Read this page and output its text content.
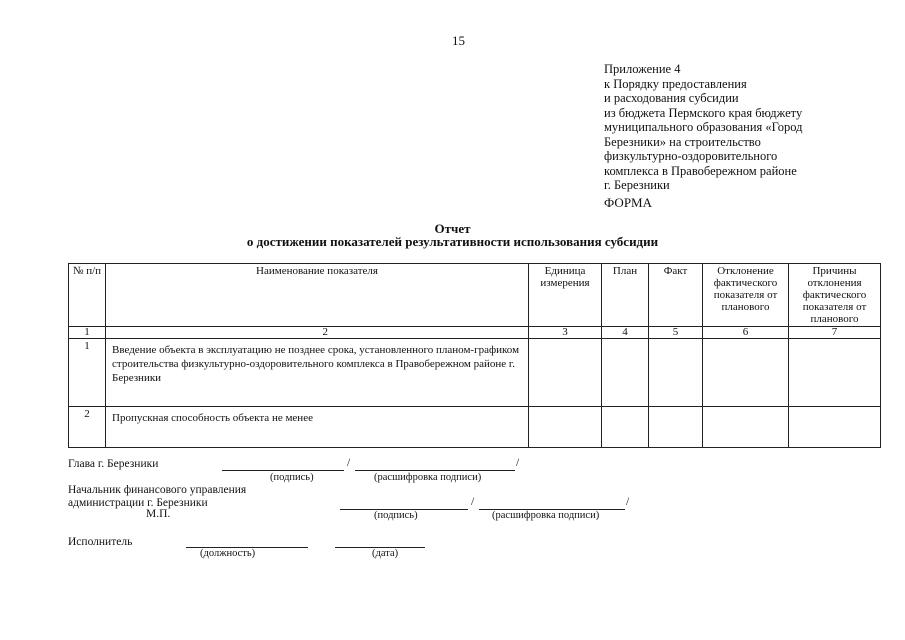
15
Приложение 4
к Порядку предоставления
и расходования субсидии
из бюджета Пермского края бюджету
муниципального образования «Город
Березники» на строительство
физкультурно-оздоровительного
комплекса в Правобережном районе
г. Березники
ФОРМА
Отчет
о достижении показателей результативности использования субсидии
№ п/п	Наименование показателя	Единица измерения	План	Факт	Отклонение фактического показателя от планового	Причины отклонения фактического показателя от планового
1	2	3	4	5	6	7
1	Введение объекта в эксплуатацию не позднее срока, установленного планом-графиком строительства физкультурно-оздоровительного комплекса в Правобережном районе г. Березники					
2	Пропускная способность объекта не менее					
Глава г. Березники	/	/
(подпись)	(расшифровка подписи)
Начальник финансового управления
администрации г. Березники
М.П.
/	/
(подпись)	(расшифровка подписи)
Исполнитель
(должность)	(дата)
